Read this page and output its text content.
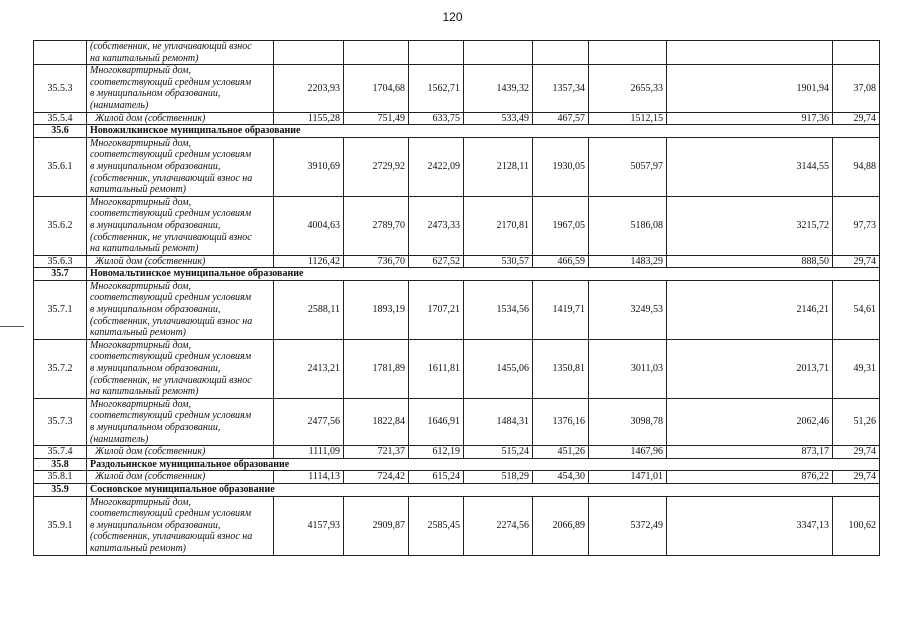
120

	(собственник, не уплачивающий взнос
на капитальный ремонт)								

35.5.3	Многоквартирный дом,
соответствующий средним условиям
в муниципальном образовании,
(наниматель)	2203,93	1704,68	1562,71	1439,32	1357,34	2655,33	1901,94	37,08
35.5.4	Жилой дом (собственник)	1155,28	751,49	633,75	533,49	467,57	1512,15	917,36	29,74
35.6	Новожилкинское муниципальное образование								
35.6.1	Многоквартирный дом,
соответствующий средним условиям
в муниципальном образовании,
(собственник, уплачивающий взнос на
капитальный ремонт)	3910,69	2729,92	2422,09	2128,11	1930,05	5057,97	3144,55	94,88
35.6.2	Многоквартирный дом,
соответствующий средним условиям
в муниципальном образовании,
(собственник, не уплачивающий взнос
на капитальный ремонт)	4004,63	2789,70	2473,33	2170,81	1967,05	5186,08	3215,72	97,73
35.6.3	Жилой дом (собственник)	1126,42	736,70	627,52	530,57	466,59	1483,29	888,50	29,74
35.7	Новомальтинское муниципальное образование								
35.7.1	Многоквартирный дом,
соответствующий средним условиям
в муниципальном образовании,
(собственник, уплачивающий взнос на
капитальный ремонт)	2588,11	1893,19	1707,21	1534,56	1419,71	3249,53	2146,21	54,61
35.7.2	Многоквартирный дом,
соответствующий средним условиям
в муниципальном образовании,
(собственник, не уплачивающий взнос
на капитальный ремонт)	2413,21	1781,89	1611,81	1455,06	1350,81	3011,03	2013,71	49,31
35.7.3	Многоквартирный дом,
соответствующий средним условиям
в муниципальном образовании,
(наниматель)	2477,56	1822,84	1646,91	1484,31	1376,16	3098,78	2062,46	51,26
35.7.4	Жилой дом (собственник)	1111,09	721,37	612,19	515,24	451,26	1467,96	873,17	29,74
35.8	Раздольинское муниципальное образование								
35.8.1	Жилой дом (собственник)	1114,13	724,42	615,24	518,29	454,30	1471,01	876,22	29,74
35.9	Сосновское муниципальное образование								
35.9.1	Многоквартирный дом,
соответствующий средним условиям
в муниципальном образовании,
(собственник, уплачивающий взнос на
капитальный ремонт)	4157,93	2909,87	2585,45	2274,56	2066,89	5372,49	3347,13	100,62
